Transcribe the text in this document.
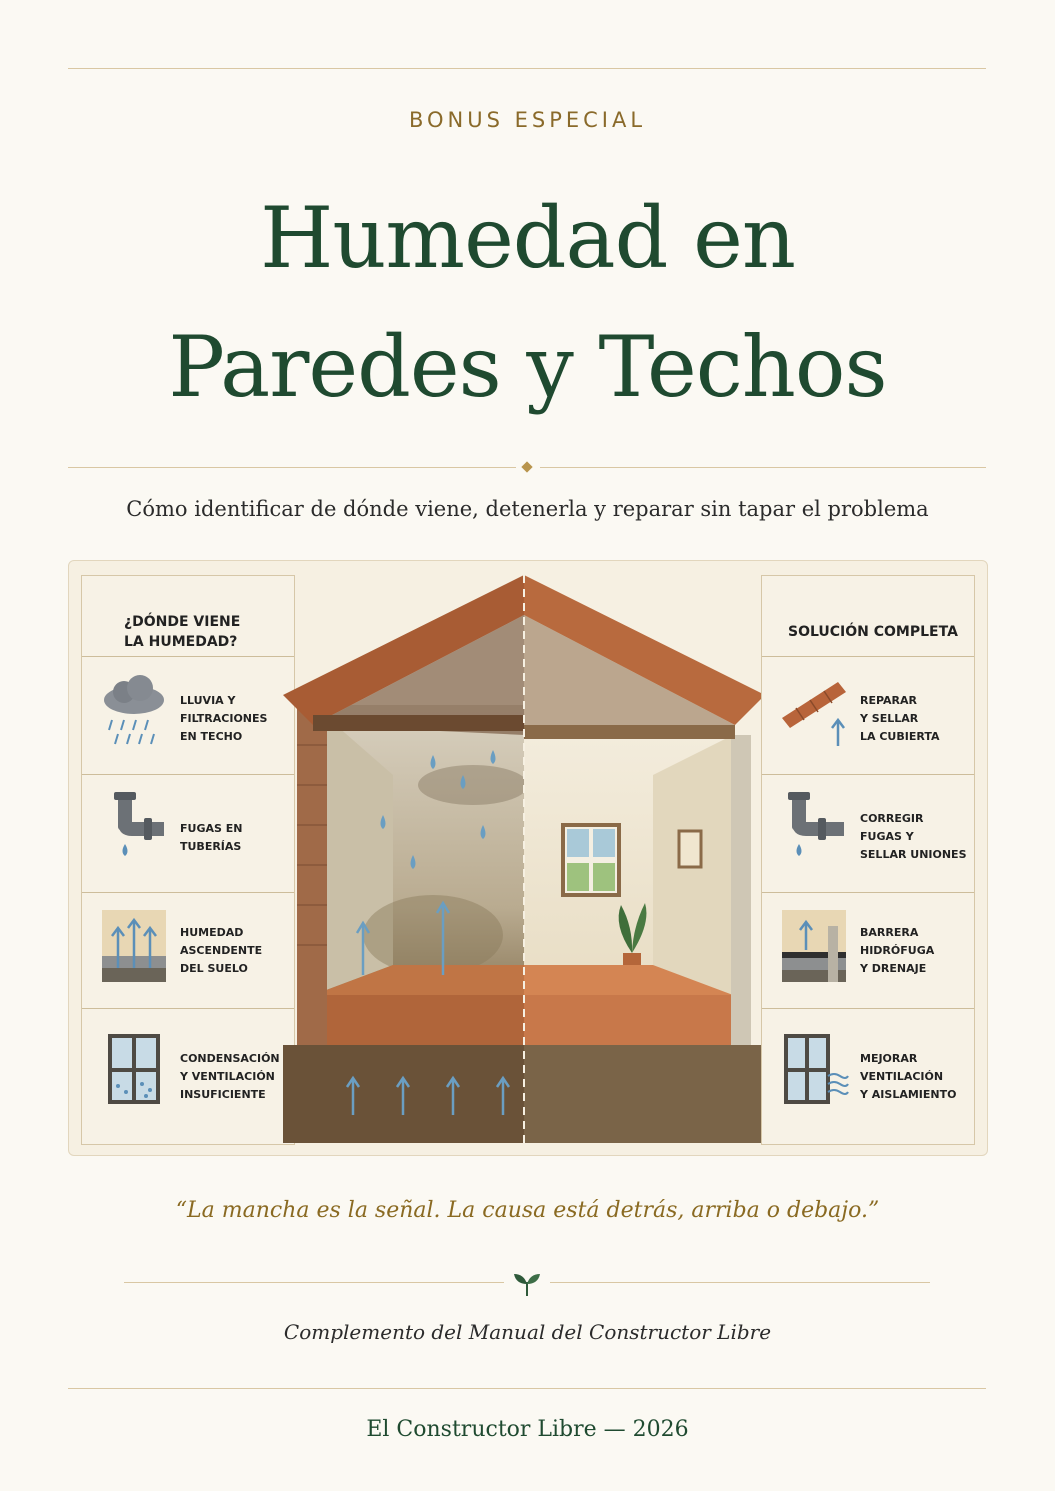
BONUS ESPECIAL
Humedad en
Paredes y Techos
Cómo identificar de dónde viene, detenerla y reparar sin tapar el problema
¿DÓNDE VIENE
LA HUMEDAD?
LLUVIA Y
FILTRACIONES
EN TECHO
FUGAS EN
TUBERÍAS
HUMEDAD
ASCENDENTE
DEL SUELO
CONDENSACIÓN
Y VENTILACIÓN
INSUFICIENTE
SOLUCIÓN COMPLETA
REPARAR
Y SELLAR
LA CUBIERTA
CORREGIR
FUGAS Y
SELLAR UNIONES
BARRERA
HIDRÓFUGA
Y DRENAJE
MEJORAR
VENTILACIÓN
Y AISLAMIENTO
“La mancha es la señal. La causa está detrás, arriba o debajo.”
Complemento del Manual del Constructor Libre
El Constructor Libre — 2026
